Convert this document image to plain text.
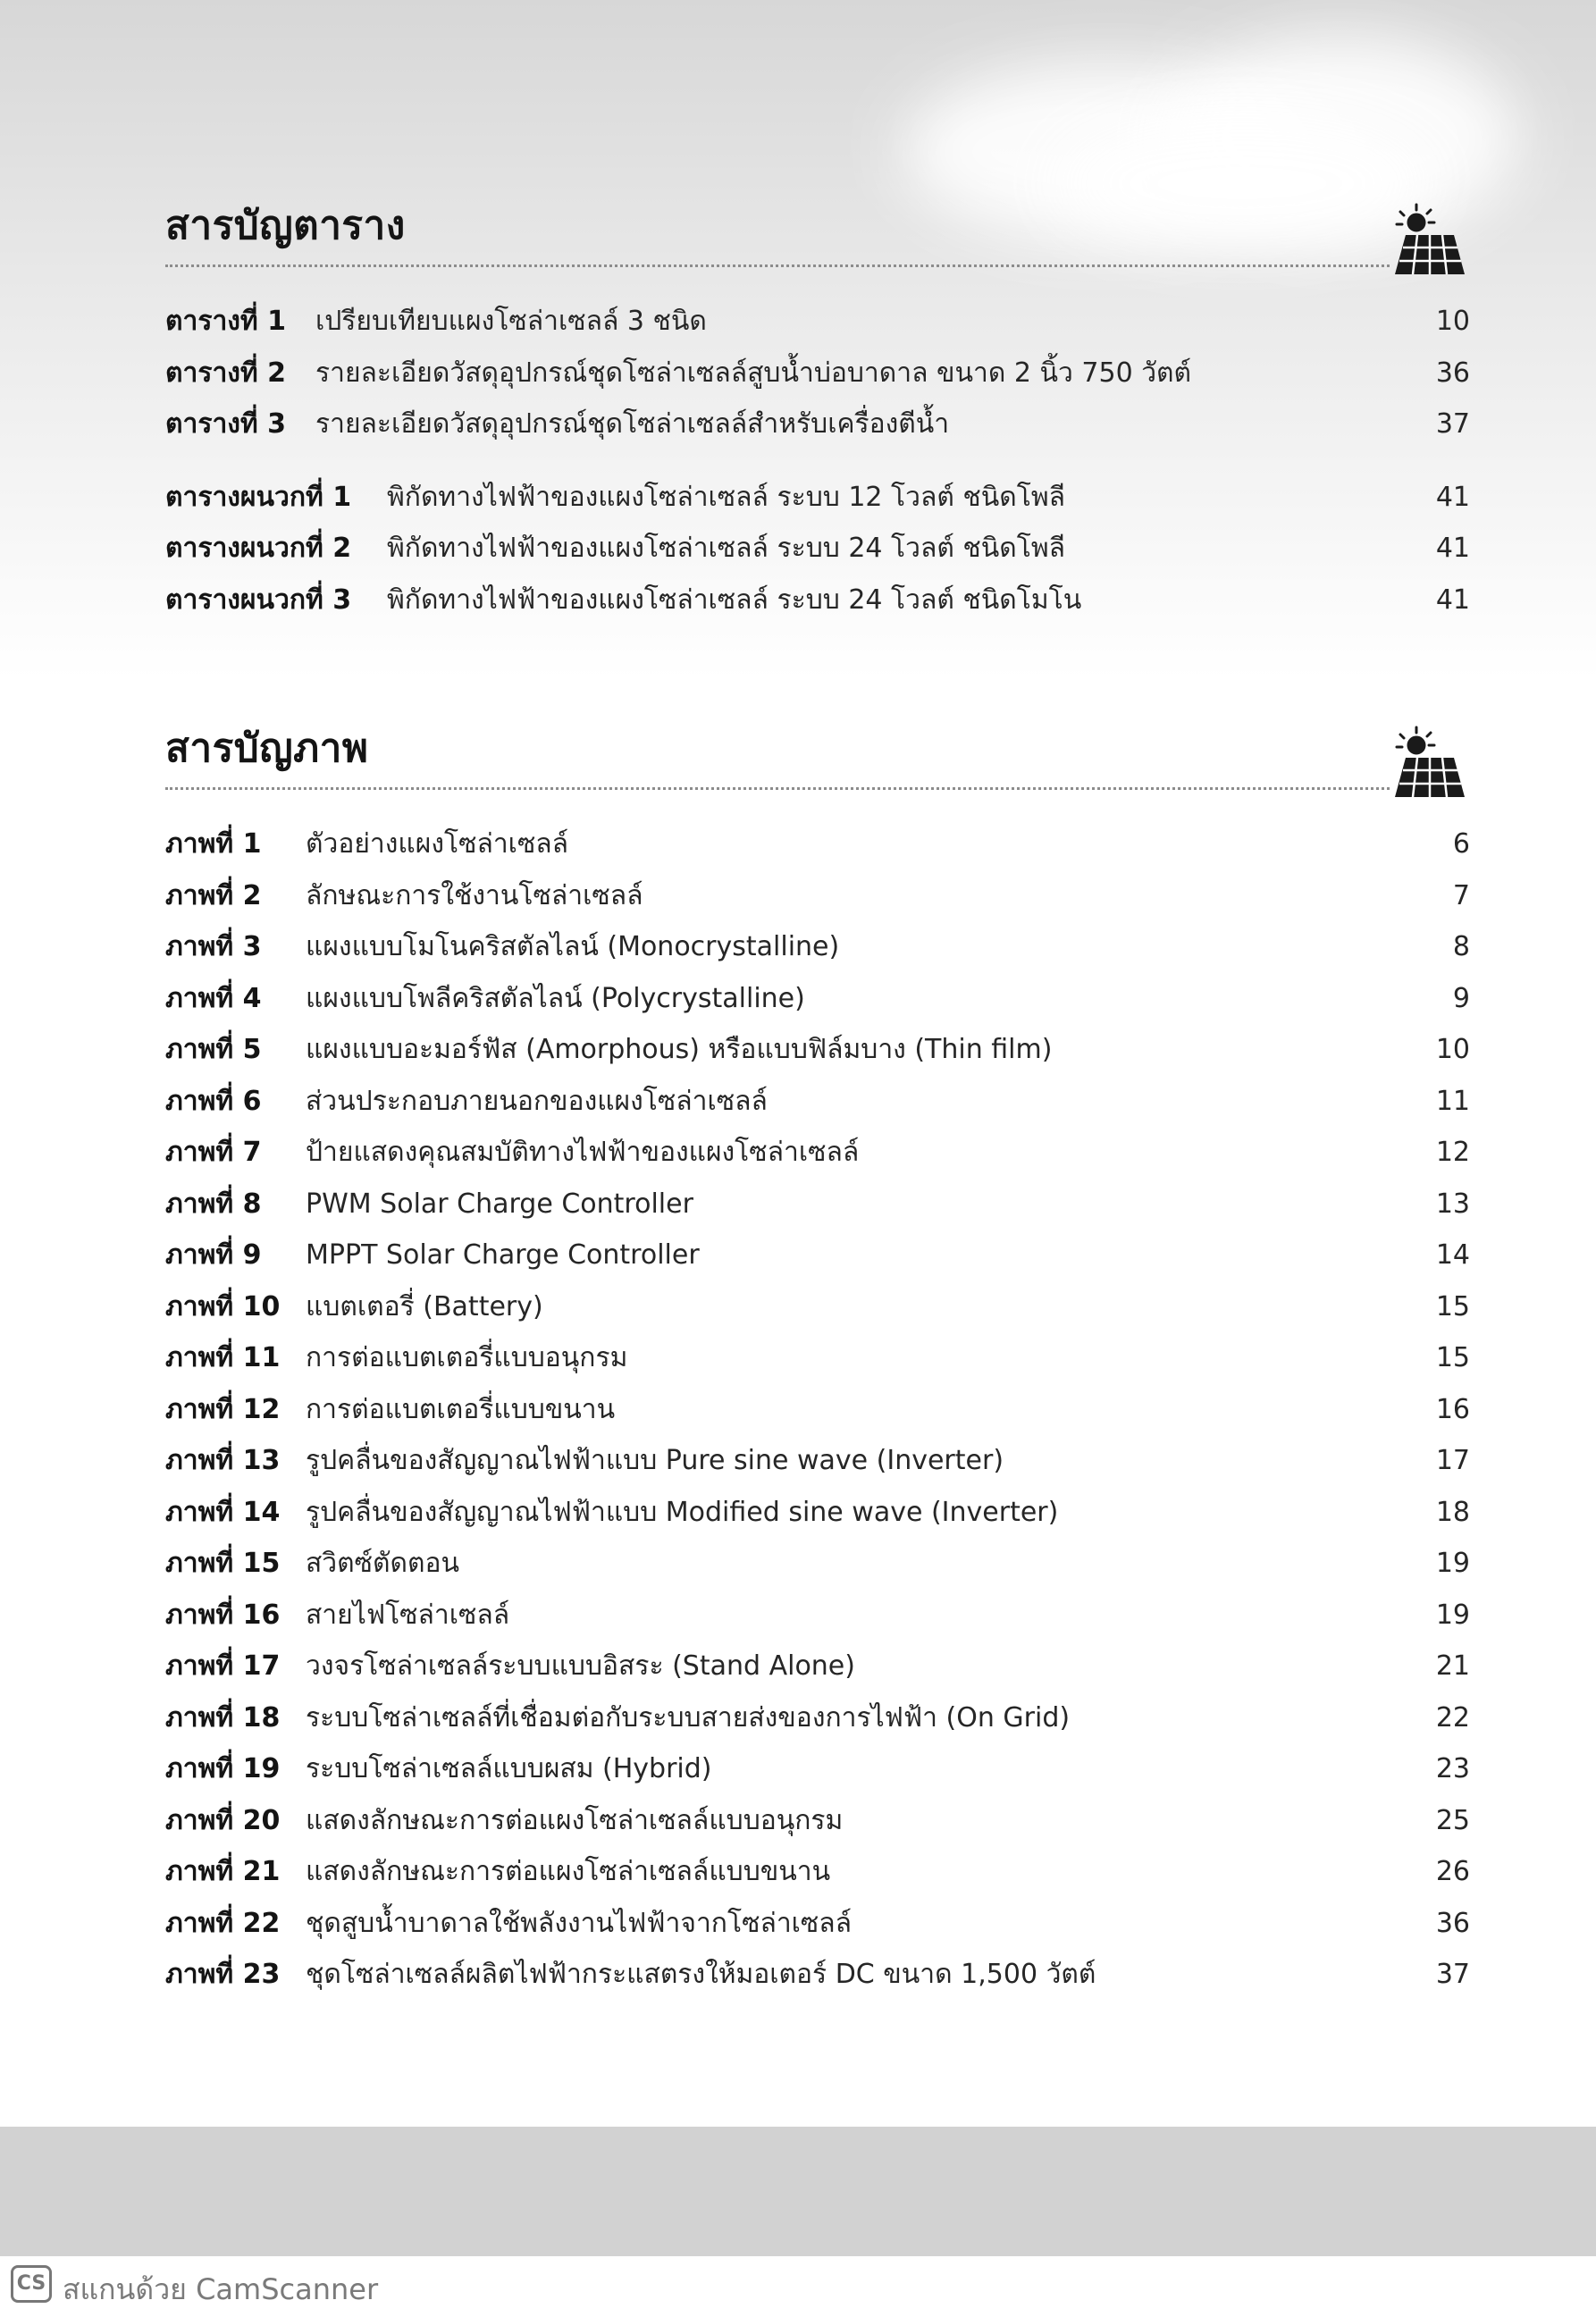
สารบัญตาราง
ตารางที่ 1 เปรียบเทียบแผงโซล่าเซลล์ 3 ชนิด	10
ตารางที่ 2 รายละเอียดวัสดุอุปกรณ์ชุดโซล่าเซลล์สูบน้ำบ่อบาดาล ขนาด 2 นิ้ว 750 วัตต์	36
ตารางที่ 3 รายละเอียดวัสดุอุปกรณ์ชุดโซล่าเซลล์สำหรับเครื่องตีน้ำ	37
ตารางผนวกที่ 1 พิกัดทางไฟฟ้าของแผงโซล่าเซลล์ ระบบ 12 โวลต์ ชนิดโพลี	41
ตารางผนวกที่ 2 พิกัดทางไฟฟ้าของแผงโซล่าเซลล์ ระบบ 24 โวลต์ ชนิดโพลี	41
ตารางผนวกที่ 3 พิกัดทางไฟฟ้าของแผงโซล่าเซลล์ ระบบ 24 โวลต์ ชนิดโมโน	41
สารบัญภาพ
ภาพที่ 1 ตัวอย่างแผงโซล่าเซลล์	6
ภาพที่ 2 ลักษณะการใช้งานโซล่าเซลล์	7
ภาพที่ 3 แผงแบบโมโนคริสตัลไลน์ (Monocrystalline)	8
ภาพที่ 4 แผงแบบโพลีคริสตัลไลน์ (Polycrystalline)	9
ภาพที่ 5 แผงแบบอะมอร์ฟัส (Amorphous) หรือแบบฟิล์มบาง (Thin film)	10
ภาพที่ 6 ส่วนประกอบภายนอกของแผงโซล่าเซลล์	11
ภาพที่ 7 ป้ายแสดงคุณสมบัติทางไฟฟ้าของแผงโซล่าเซลล์	12
ภาพที่ 8 PWM Solar Charge Controller	13
ภาพที่ 9 MPPT Solar Charge Controller	14
ภาพที่ 10 แบตเตอรี่ (Battery)	15
ภาพที่ 11 การต่อแบตเตอรี่แบบอนุกรม	15
ภาพที่ 12 การต่อแบตเตอรี่แบบขนาน	16
ภาพที่ 13 รูปคลื่นของสัญญาณไฟฟ้าแบบ Pure sine wave (Inverter)	17
ภาพที่ 14 รูปคลื่นของสัญญาณไฟฟ้าแบบ Modified sine wave (Inverter)	18
ภาพที่ 15 สวิตซ์ตัดตอน	19
ภาพที่ 16 สายไฟโซล่าเซลล์	19
ภาพที่ 17 วงจรโซล่าเซลล์ระบบแบบอิสระ (Stand Alone)	21
ภาพที่ 18 ระบบโซล่าเซลล์ที่เชื่อมต่อกับระบบสายส่งของการไฟฟ้า (On Grid)	22
ภาพที่ 19 ระบบโซล่าเซลล์แบบผสม (Hybrid)	23
ภาพที่ 20 แสดงลักษณะการต่อแผงโซล่าเซลล์แบบอนุกรม	25
ภาพที่ 21 แสดงลักษณะการต่อแผงโซล่าเซลล์แบบขนาน	26
ภาพที่ 22 ชุดสูบน้ำบาดาลใช้พลังงานไฟฟ้าจากโซล่าเซลล์	36
ภาพที่ 23 ชุดโซล่าเซลล์ผลิตไฟฟ้ากระแสตรงให้มอเตอร์ DC ขนาด 1,500 วัตต์	37
CS สแกนด้วย CamScanner
